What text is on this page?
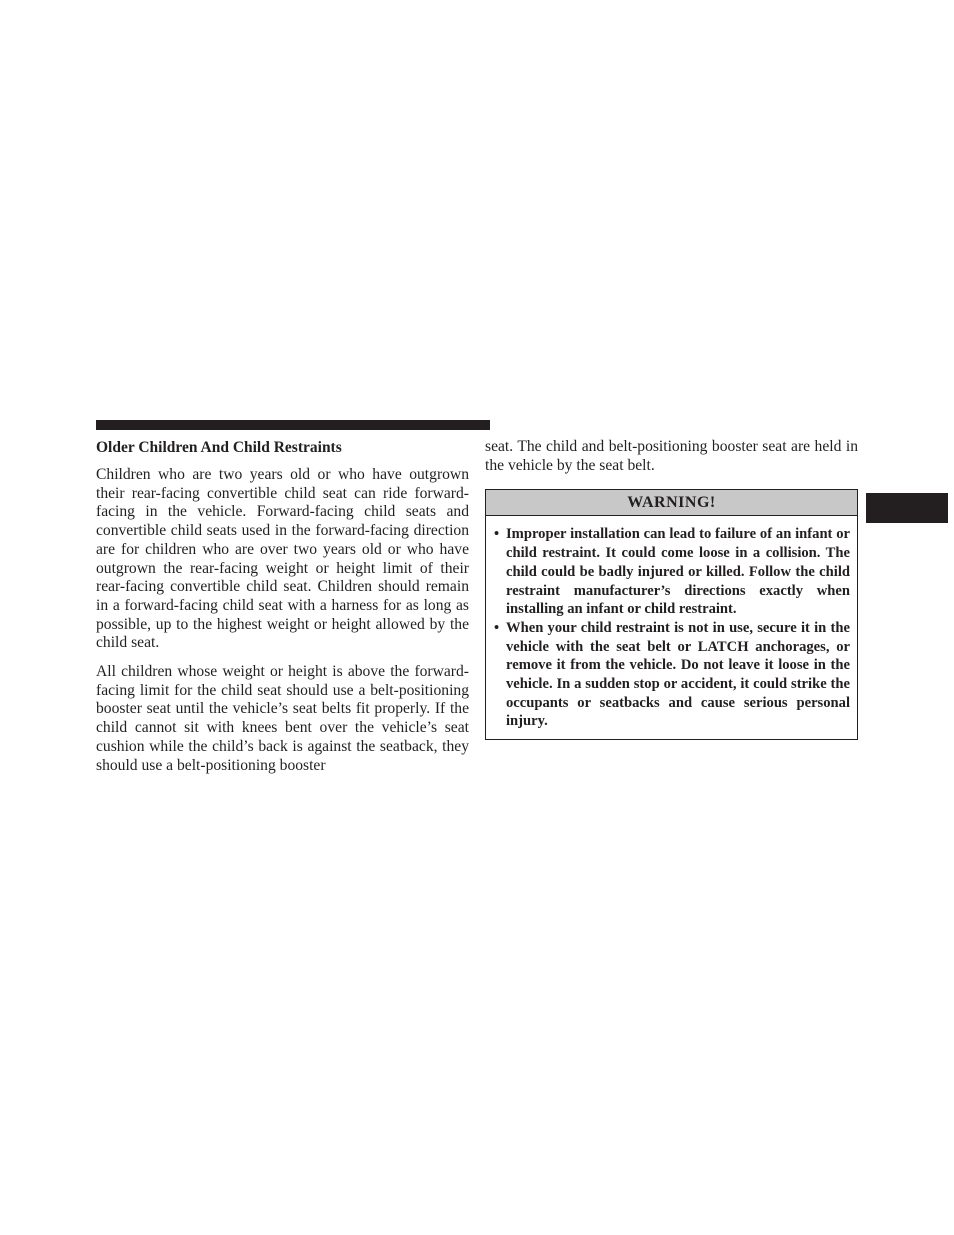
Older Children And Child Restraints

Children who are two years old or who have outgrown their rear-facing convertible child seat can ride forward-facing in the vehicle. Forward-facing child seats and convertible child seats used in the forward-facing direction are for children who are over two years old or who have outgrown the rear-facing weight or height limit of their rear-facing convertible child seat. Children should remain in a forward-facing child seat with a harness for as long as possible, up to the highest weight or height allowed by the child seat.

All children whose weight or height is above the forward-facing limit for the child seat should use a belt-positioning booster seat until the vehicle’s seat belts fit properly. If the child cannot sit with knees bent over the vehicle’s seat cushion while the child’s back is against the seatback, they should use a belt-positioning booster

seat. The child and belt-positioning booster seat are held in the vehicle by the seat belt.

WARNING!
• Improper installation can lead to failure of an infant or child restraint. It could come loose in a collision. The child could be badly injured or killed. Follow the child restraint manufacturer’s directions exactly when installing an infant or child restraint.
• When your child restraint is not in use, secure it in the vehicle with the seat belt or LATCH anchorages, or remove it from the vehicle. Do not leave it loose in the vehicle. In a sudden stop or accident, it could strike the occupants or seatbacks and cause serious personal injury.
